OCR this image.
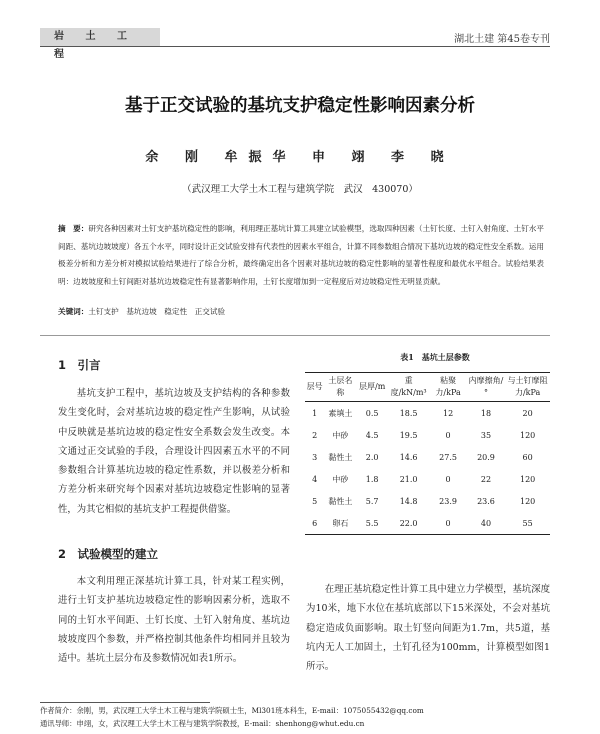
岩 土 工 程
湖北土建 第45卷专刊
基于正交试验的基坑支护稳定性影响因素分析
余 刚 牟振华 申 翊 李 晓
（武汉理工大学土木工程与建筑学院　武汉　430070）
摘　要：研究各种因素对土钉支护基坑稳定性的影响，利用理正基坑计算工具建立试验模型，选取四种因素（土钉长度、土钉入射角度、土钉水平间距、基坑边坡坡度）各五个水平，同时设计正交试验安排有代表性的因素水平组合，计算不同参数组合情况下基坑边坡的稳定性安全系数。运用极差分析和方差分析对模拟试验结果进行了综合分析，最终确定出各个因素对基坑边坡的稳定性影响的显著性程度和最优水平组合。试验结果表明：边坡坡度和土钉间距对基坑边坡稳定性有显著影响作用，土钉长度增加到一定程度后对边坡稳定性无明显贡献。
关键词：土钉支护　基坑边坡　稳定性　正交试验
1　引言
基坑支护工程中，基坑边坡及支护结构的各种参数发生变化时，会对基坑边坡的稳定性产生影响，从试验中反映就是基坑边坡的稳定性安全系数会发生改变。本文通过正交试验的手段，合理设计四因素五水平的不同参数组合计算基坑边坡的稳定性系数，并以极差分析和方差分析来研究每个因素对基坑边坡稳定性影响的显著性，为其它相似的基坑支护工程提供借鉴。
2　试验模型的建立
本文利用理正深基坑计算工具，针对某工程实例，进行土钉支护基坑边坡稳定性的影响因素分析，选取不同的土钉水平间距、土钉长度、土钉入射角度、基坑边坡坡度四个参数，并严格控制其他条件均相同并且较为适中。基坑土层分布及参数情况如表1所示。
表1　基坑土层参数
层号	土层名称	层厚/m	重度/kN/m³	粘聚力/kPa	内摩擦角/°	与土钉摩阻力/kPa
1	素填土	0.5	18.5	12	18	20
2	中砂	4.5	19.5	0	35	120
3	黏性土	2.0	14.6	27.5	20.9	60
4	中砂	1.8	21.0	0	22	120
5	黏性土	5.7	14.8	23.9	23.6	120
6	卵石	5.5	22.0	0	40	55
在理正基坑稳定性计算工具中建立力学模型，基坑深度为10米，地下水位在基坑底部以下15米深处，不会对基坑稳定造成负面影响。取土钉竖向间距为1.7m，共5道，基坑内无人工加固土，土钉孔径为100mm，计算模型如图1所示。
作者简介：余刚，男，武汉理工大学土木工程与建筑学院硕士生，Ml301班本科生，E-mail：1075055432@qq.com
通讯导师：申翊，女，武汉理工大学土木工程与建筑学院教授，E-mail：shenhong@whut.edu.cn
